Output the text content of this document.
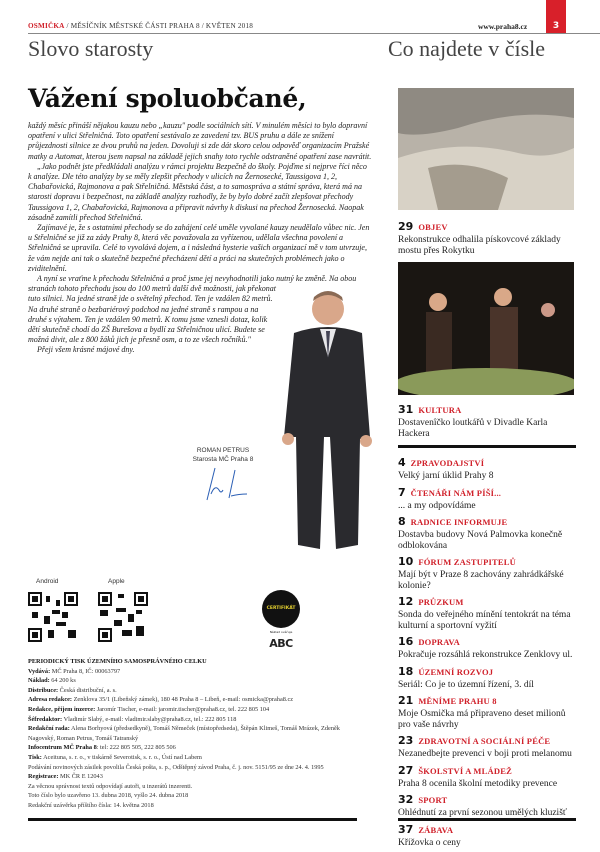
OSMIČKA / MĚSÍČNÍK MĚSTSKÉ ČÁSTI PRAHA 8 / KVĚTEN 2018	www.praha8.cz	3
Slovo starosty	Co najdete v čísle
Vážení spoluobčané,

každý měsíc přináší nějakou kauzu nebo „kauzu" podle sociálních sítí. V minulém měsíci to bylo dopravní opatření v ulici Střelničná. Toto opatření sestávalo ze zavedení tzv. BUS pruhu a dále ze snížení průjezdnosti silnice ze dvou pruhů na jeden. Dovoluji si zde dát skoro celou odpověď organizacím Pražské matky a Automat, kterou jsem napsal na základě jejich snahy toto rychle odstraněné opatření zase navrátit.

„Jako podnět jste předkládali analýzu v rámci projektu Bezpečně do školy. Pojďme si nejprve říci něco k analýze. Dle této analýzy by se měly zlepšit přechody v ulicích na Žernosecké, Taussigova 1, 2, Chabařovická, Rajmonova a pak Střelničná. Městská část, a to samospráva a státní správa, která má na starosti dopravu i bezpečnost, na základě analýzy rozhodly, že by bylo dobré začít zlepšovat přechody Taussigova 1, 2, Chabařovická, Rajmonova a připravit návrhy k diskusi na přechod Žernosecká. Naopak zásadně zamítli přechod Střelničná.

Zajímavé je, že s ostatními přechody se do zahájení celé uměle vyvolané kauzy neudělalo vůbec nic. Jen u Střelničné se již za zády Prahy 8, která věc považovala za vyřízenou, udělala všechna povolení a Střelničná se upravila. Celé to vyvolává dojem, a i následná hysterie vašich organizací mě v tom utvrzuje, že vám nejde ani tak o skutečně bezpečné přecházení dětí a práci na skutečných problémech jako o zviditelnění.

A nyní se vraťme k přechodu Střelničná a proč jsme jej nevyhodnotili jako nutný ke změně. Na obou stranách tohoto přechodu jsou do 100 metrů další dvě možnosti, jak překonat tuto silnici. Na jedné straně jde o světelný přechod. Ten je vzdálen 82 metrů. Na druhé straně o bezbariérový podchod na jedné straně s rampou a na druhé s výtahem. Ten je vzdálen 90 metrů. K tomu jsme vznesli dotaz, kolik dětí skutečně chodí do ZŠ Burešova a bydlí za Střelničnou ulicí. Budete se možná divit, ale z 800 žáků jich je přesně osm, a to ze všech ročníků."

Přeji všem krásné májové dny.

ROMAN PETRUS
Starosta MČ Praha 8
Android	Apple
CERTIFIKÁT
Náklad ověřuje
ABC
PERIODICKÝ TISK ÚZEMNÍHO SAMOSPRÁVNÉHO CELKU
Vydává: MČ Praha 8, IČ: 00063797
Náklad: 64 200 ks
Distribuce: Česká distribuční, a. s.
Adresa redakce: Zenklova 35/1 (Libeňský zámek), 180 48 Praha 8 – Libeň, e-mail: osmicka@praha8.cz
Redakce, příjem inzerce: Jaromír Tischer, e-mail: jaromir.tischer@praha8.cz, tel. 222 805 104
Šéfredaktor: Vladimír Slabý, e-mail: vladimir.slaby@praha8.cz, tel.: 222 805 118
Redakční rada: Alena Borhyová (předsedkyně), Tomáš Němeček (místopředseda), Štěpán Klimeš, Tomáš Mrázek, Zdeněk Nagovský, Roman Petrus, Tomáš Tatranský
Infocentrum MČ Praha 8: tel: 222 805 505, 222 805 506
Tisk: Aceituna, s. r. o., v tiskárně Severotisk, s. r. o., Ústí nad Labem
Podávání novinových zásilek povolila Česká pošta, s. p., Odštěpný závod Praha, č. j. nov. 5151/95 ze dne 24. 4. 1995
Registrace: MK ČR E 12043
Za věcnou správnost textů odpovídají autoři, u inzerátů inzerenti.
Toto číslo bylo uzavřeno 13. dubna 2018, vyšlo 24. dubna 2018
Redakční uzávěrka příštího čísla: 14. května 2018
29 OBJEV
Rekonstrukce odhalila pískovcové základy mostu přes Rokytku
31 KULTURA
Dostavenîčko loutkářů v Divadle Karla Hackera
4 ZPRAVODAJSTVÍ
Velký jarní úklid Prahy 8
7 ČTENÁŘI NÁM PÍŠÍ...
... a my odpovídáme
8 RADNICE INFORMUJE
Dostavba budovy Nová Palmovka konečně odblokována
10 FÓRUM ZASTUPITELŮ
Mají být v Praze 8 zachovány zahrádkářské kolonie?
12 PRŮZKUM
Sonda do veřejného mínění tentokrát na téma kulturní a sportovní vyžití
16 DOPRAVA
Pokračuje rozsáhlá rekonstrukce Zenklovy ul.
18 ÚZEMNÍ ROZVOJ
Seriál: Co je to územní řízení, 3. díl
21 MĚNÍME PRAHU 8
Moje Osmička má připraveno deset milionů pro vaše návrhy
23 ZDRAVOTNÍ A SOCIÁLNÍ PÉČE
Nezanedbejte prevenci v boji proti melanomu
27 ŠKOLSTVÍ A MLÁDEŽ
Praha 8 ocenila školní metodiky prevence
32 SPORT
Ohlédnutí za první sezonou umělých kluzišť
37 ZÁBAVA
Křížovka o ceny
